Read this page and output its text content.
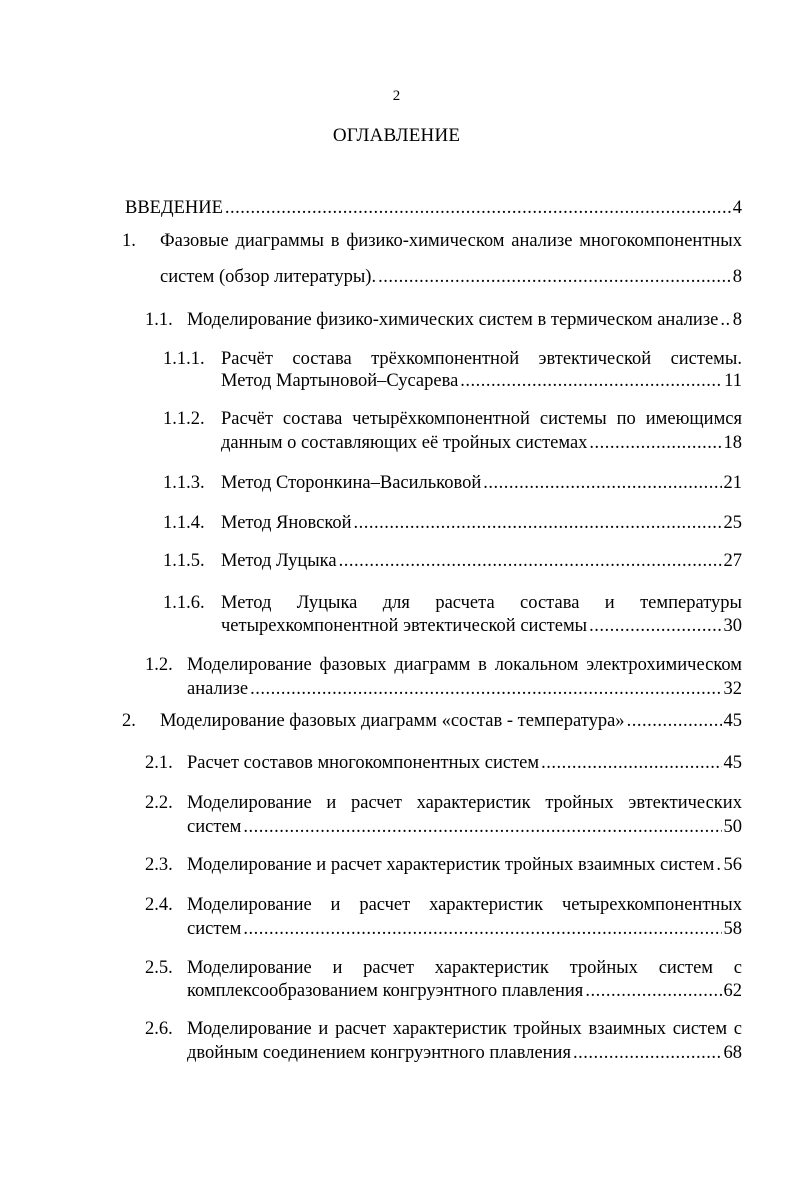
2
ОГЛАВЛЕНИЕ
ВВЕДЕНИЕ .....	4
1. Фазовые диаграммы в физико-химическом анализе многокомпонентных
систем (обзор литературы). .....	8
1.1. Моделирование физико-химических систем в термическом анализе ..... 8
1.1.1. Расчёт состава трёхкомпонентной эвтектической системы.
Метод Мартыновой–Сусарева .....	11
1.1.2. Расчёт состава четырёхкомпонентной системы по имеющимся
данным о составляющих её тройных системах .....	18
1.1.3. Метод Сторонкина–Васильковой .....	21
1.1.4. Метод Яновской .....	25
1.1.5. Метод Луцыка .....	27
1.1.6. Метод Луцыка для расчета состава и температуры
четырехкомпонентной эвтектической системы .....	30
1.2. Моделирование фазовых диаграмм в локальном электрохимическом
анализе .....	32
2. Моделирование фазовых диаграмм «состав - температура» .....	45
2.1. Расчет составов многокомпонентных систем .....	45
2.2. Моделирование и расчет характеристик тройных эвтектических
систем .....	50
2.3. Моделирование и расчет характеристик тройных взаимных систем ..... 56
2.4. Моделирование и расчет характеристик четырехкомпонентных
систем .....	58
2.5. Моделирование и расчет характеристик тройных систем с
комплексообразованием конгруэнтного плавления .....	62
2.6. Моделирование и расчет характеристик тройных взаимных систем с
двойным соединением конгруэнтного плавления .....	68
